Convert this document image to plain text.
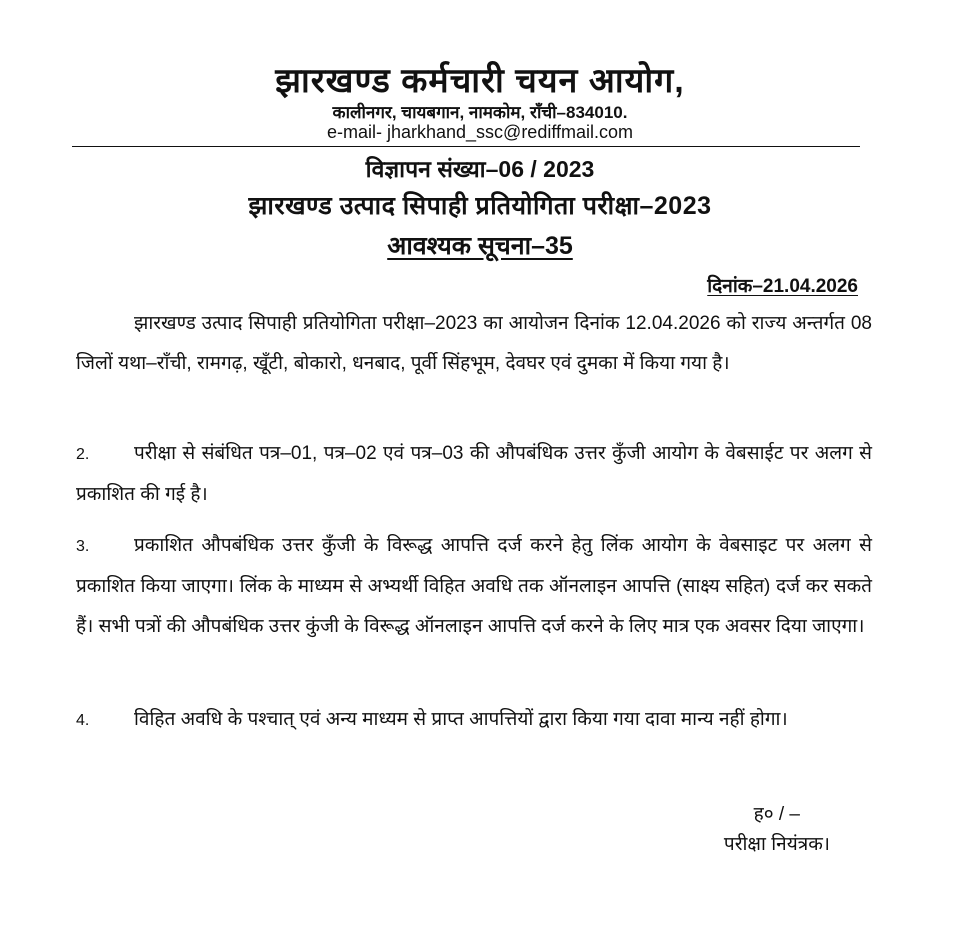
झारखण्ड कर्मचारी चयन आयोग,
कालीनगर, चायबगान, नामकोम, राँची–834010.
e-mail- jharkhand_ssc@rediffmail.com
विज्ञापन संख्या–06 / 2023
झारखण्ड उत्पाद सिपाही प्रतियोगिता परीक्षा–2023
आवश्यक सूचना–35
दिनांक–21.04.2026
झारखण्ड उत्पाद सिपाही प्रतियोगिता परीक्षा–2023 का आयोजन दिनांक 12.04.2026 को राज्य अन्तर्गत 08 जिलों यथा–राँची, रामगढ़, खूँटी, बोकारो, धनबाद, पूर्वी सिंहभूम, देवघर एवं दुमका में किया गया है।
2. परीक्षा से संबंधित पत्र–01, पत्र–02 एवं पत्र–03 की औपबंधिक उत्तर कुँजी आयोग के वेबसाईट पर अलग से प्रकाशित की गई है।
3. प्रकाशित औपबंधिक उत्तर कुँजी के विरूद्ध आपत्ति दर्ज करने हेतु लिंक आयोग के वेबसाइट पर अलग से प्रकाशित किया जाएगा। लिंक के माध्यम से अभ्यर्थी विहित अवधि तक ऑनलाइन आपत्ति (साक्ष्य सहित) दर्ज कर सकते हैं। सभी पत्रों की औपबंधिक उत्तर कुंजी के विरूद्ध ऑनलाइन आपत्ति दर्ज करने के लिए मात्र एक अवसर दिया जाएगा।
4. विहित अवधि के पश्चात् एवं अन्य माध्यम से प्राप्त आपत्तियों द्वारा किया गया दावा मान्य नहीं होगा।
ह० / –
परीक्षा नियंत्रक।
